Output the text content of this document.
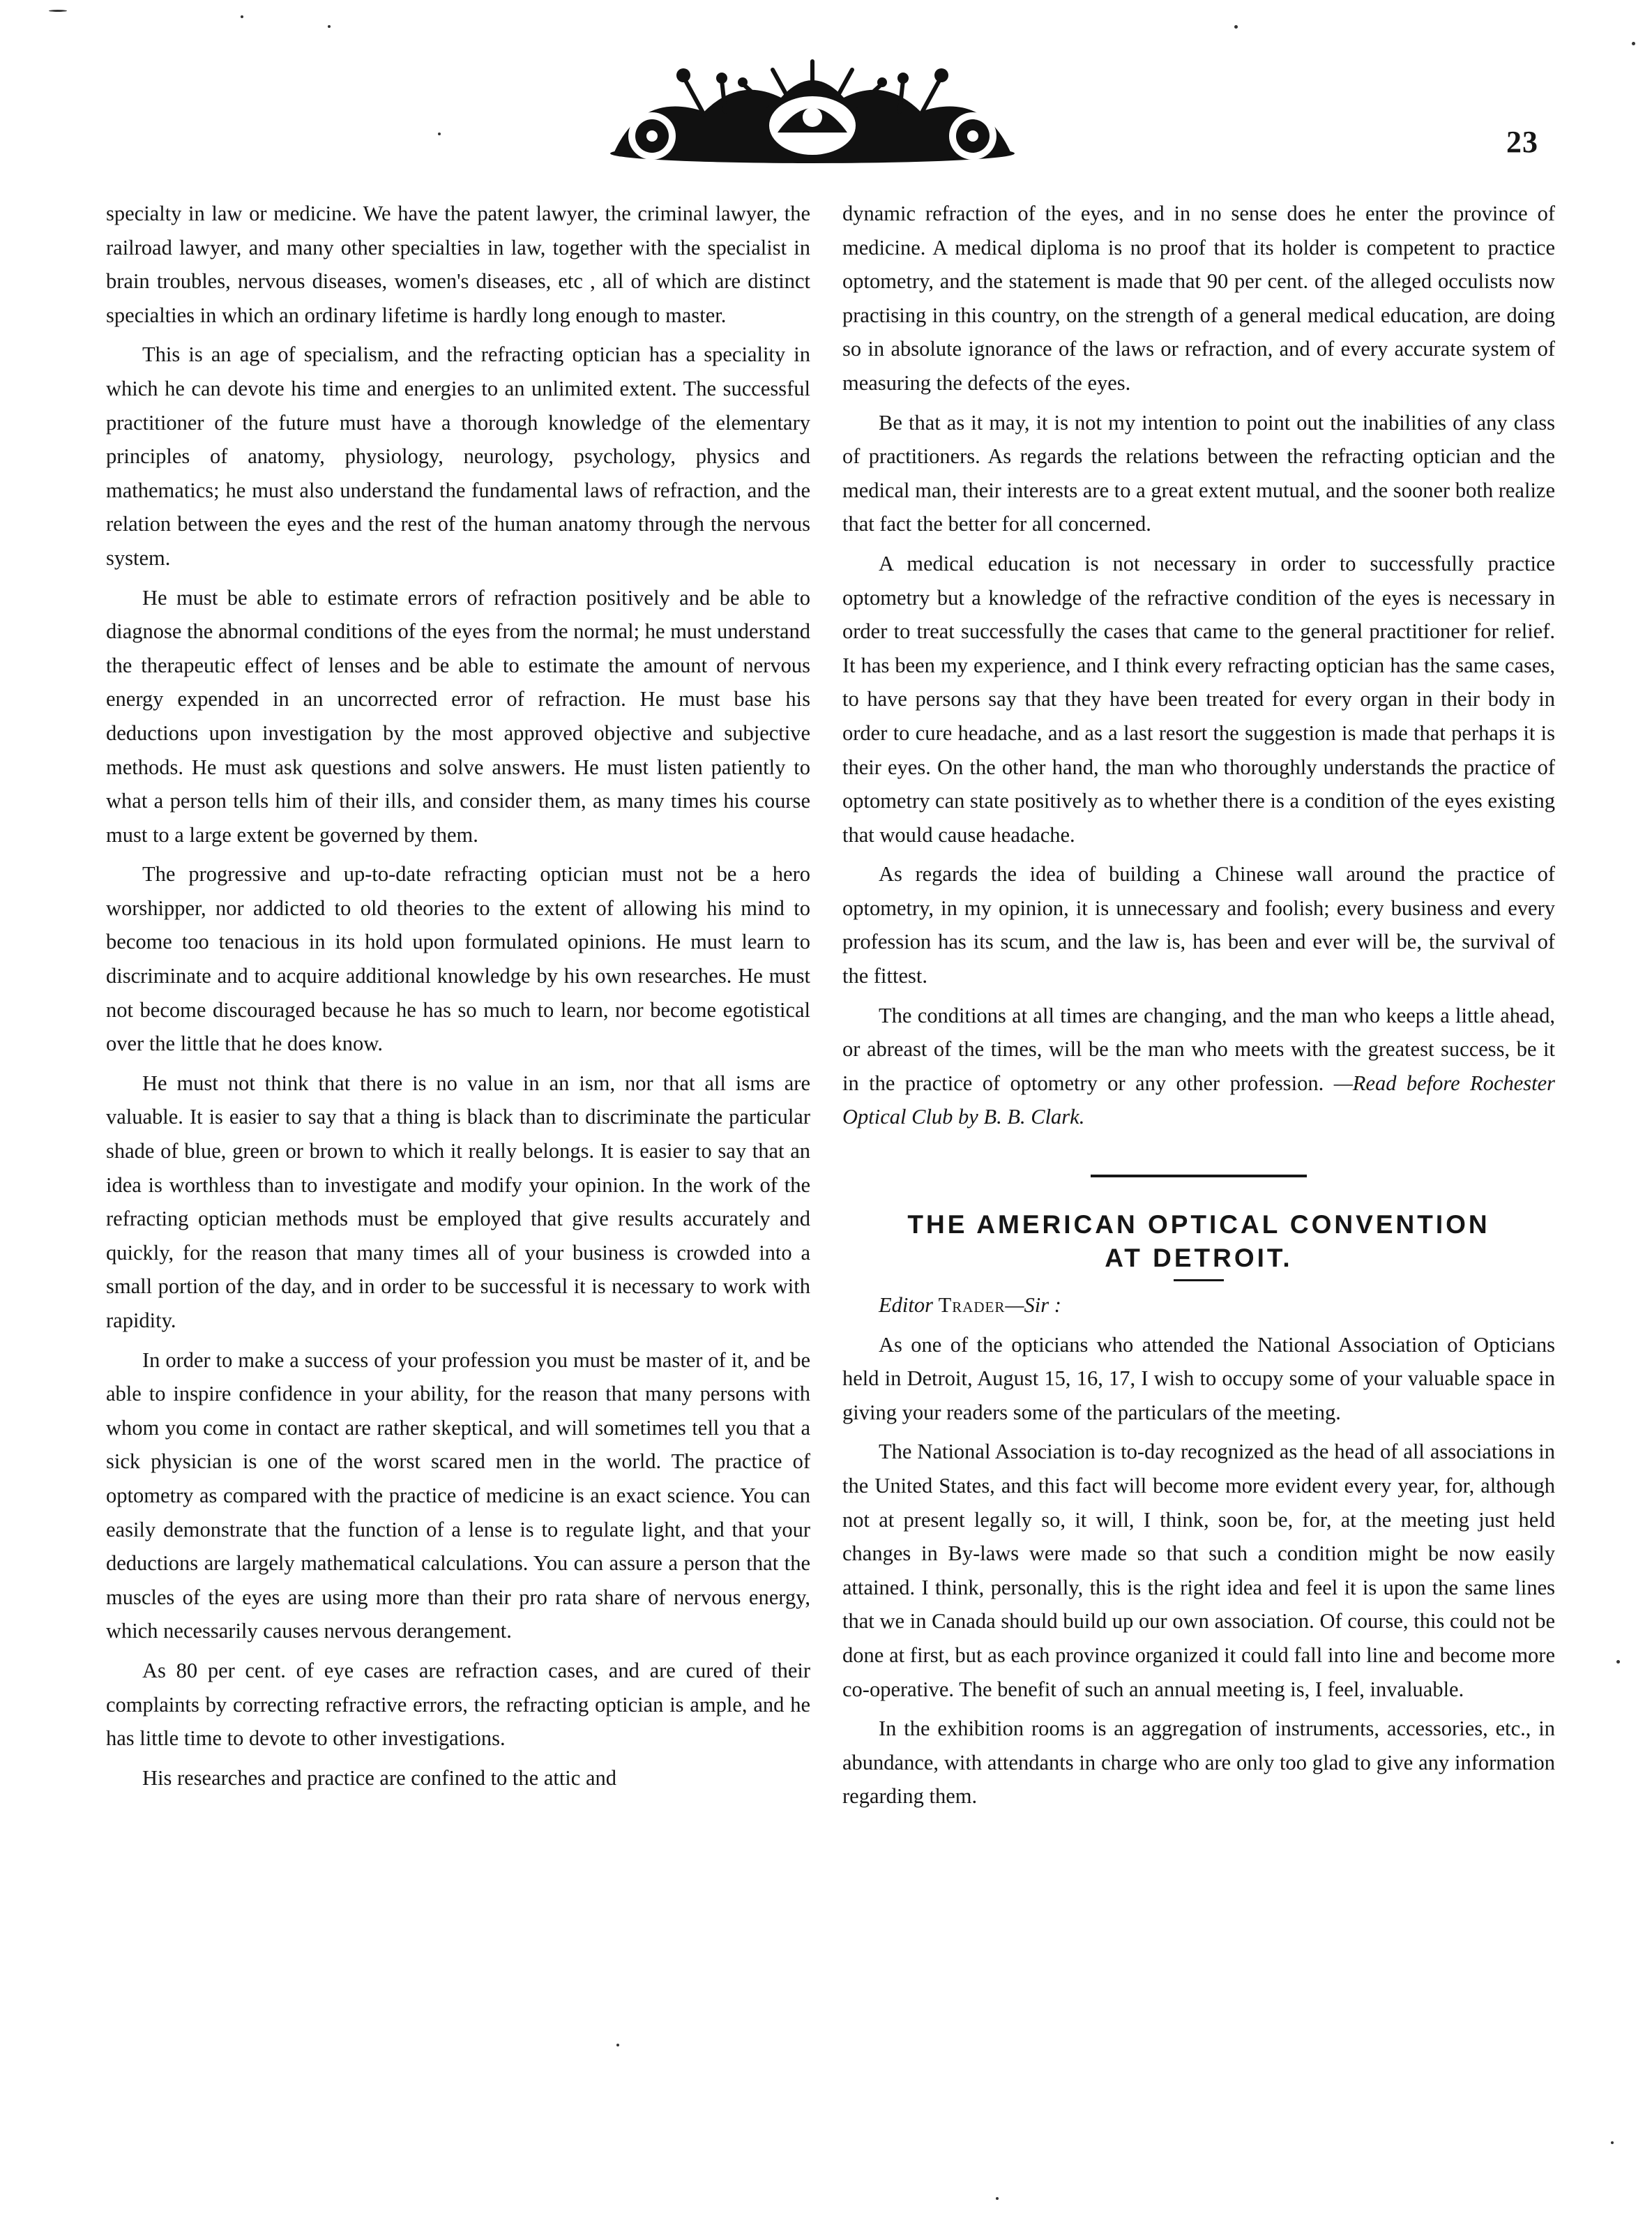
23

specialty in law or medicine. We have the patent lawyer, the criminal lawyer, the railroad lawyer, and many other specialties in law, together with the specialist in brain troubles, nervous diseases, women's diseases, etc , all of which are distinct specialties in which an ordinary lifetime is hardly long enough to master.

This is an age of specialism, and the refracting optician has a speciality in which he can devote his time and energies to an unlimited extent. The successful practitioner of the future must have a thorough knowledge of the elementary principles of anatomy, physiology, neurology, psychology, physics and mathematics; he must also understand the fundamental laws of refraction, and the relation between the eyes and the rest of the human anatomy through the nervous system.

He must be able to estimate errors of refraction positively and be able to diagnose the abnormal conditions of the eyes from the normal; he must understand the therapeutic effect of lenses and be able to estimate the amount of nervous energy expended in an uncorrected error of refraction. He must base his deductions upon investigation by the most approved objective and subjective methods. He must ask questions and solve answers. He must listen patiently to what a person tells him of their ills, and consider them, as many times his course must to a large extent be governed by them.

The progressive and up-to-date refracting optician must not be a hero worshipper, nor addicted to old theories to the extent of allowing his mind to become too tenacious in its hold upon formulated opinions. He must learn to discriminate and to acquire additional knowledge by his own researches. He must not become discouraged because he has so much to learn, nor become egotistical over the little that he does know.

He must not think that there is no value in an ism, nor that all isms are valuable. It is easier to say that a thing is black than to discriminate the particular shade of blue, green or brown to which it really belongs. It is easier to say that an idea is worthless than to investigate and modify your opinion. In the work of the refracting optician methods must be employed that give results accurately and quickly, for the reason that many times all of your business is crowded into a small portion of the day, and in order to be successful it is necessary to work with rapidity.

In order to make a success of your profession you must be master of it, and be able to inspire confidence in your ability, for the reason that many persons with whom you come in contact are rather skeptical, and will sometimes tell you that a sick physician is one of the worst scared men in the world. The practice of optometry as compared with the practice of medicine is an exact science. You can easily demonstrate that the function of a lense is to regulate light, and that your deductions are largely mathematical calculations. You can assure a person that the muscles of the eyes are using more than their pro rata share of nervous energy, which necessarily causes nervous derangement.

As 80 per cent. of eye cases are refraction cases, and are cured of their complaints by correcting refractive errors, the refracting optician is ample, and he has little time to devote to other investigations.

His researches and practice are confined to the attic and

dynamic refraction of the eyes, and in no sense does he enter the province of medicine. A medical diploma is no proof that its holder is competent to practice optometry, and the statement is made that 90 per cent. of the alleged occulists now practising in this country, on the strength of a general medical education, are doing so in absolute ignorance of the laws or refraction, and of every accurate system of measuring the defects of the eyes.

Be that as it may, it is not my intention to point out the inabilities of any class of practitioners. As regards the relations between the refracting optician and the medical man, their interests are to a great extent mutual, and the sooner both realize that fact the better for all concerned.

A medical education is not necessary in order to successfully practice optometry but a knowledge of the refractive condition of the eyes is necessary in order to treat successfully the cases that came to the general practitioner for relief. It has been my experience, and I think every refracting optician has the same cases, to have persons say that they have been treated for every organ in their body in order to cure headache, and as a last resort the suggestion is made that perhaps it is their eyes. On the other hand, the man who thoroughly understands the practice of optometry can state positively as to whether there is a condition of the eyes existing that would cause headache.

As regards the idea of building a Chinese wall around the practice of optometry, in my opinion, it is unnecessary and foolish; every business and every profession has its scum, and the law is, has been and ever will be, the survival of the fittest.

The conditions at all times are changing, and the man who keeps a little ahead, or abreast of the times, will be the man who meets with the greatest success, be it in the practice of optometry or any other profession. —Read before Rochester Optical Club by B. B. Clark.

THE AMERICAN OPTICAL CONVENTION
AT DETROIT.

Editor Trader—Sir :

As one of the opticians who attended the National Association of Opticians held in Detroit, August 15, 16, 17, I wish to occupy some of your valuable space in giving your readers some of the particulars of the meeting.

The National Association is to-day recognized as the head of all associations in the United States, and this fact will become more evident every year, for, although not at present legally so, it will, I think, soon be, for, at the meeting just held changes in By-laws were made so that such a condition might be now easily attained. I think, personally, this is the right idea and feel it is upon the same lines that we in Canada should build up our own association. Of course, this could not be done at first, but as each province organized it could fall into line and become more co-operative. The benefit of such an annual meeting is, I feel, invaluable.

In the exhibition rooms is an aggregation of instruments, accessories, etc., in abundance, with attendants in charge who are only too glad to give any information regarding them.
